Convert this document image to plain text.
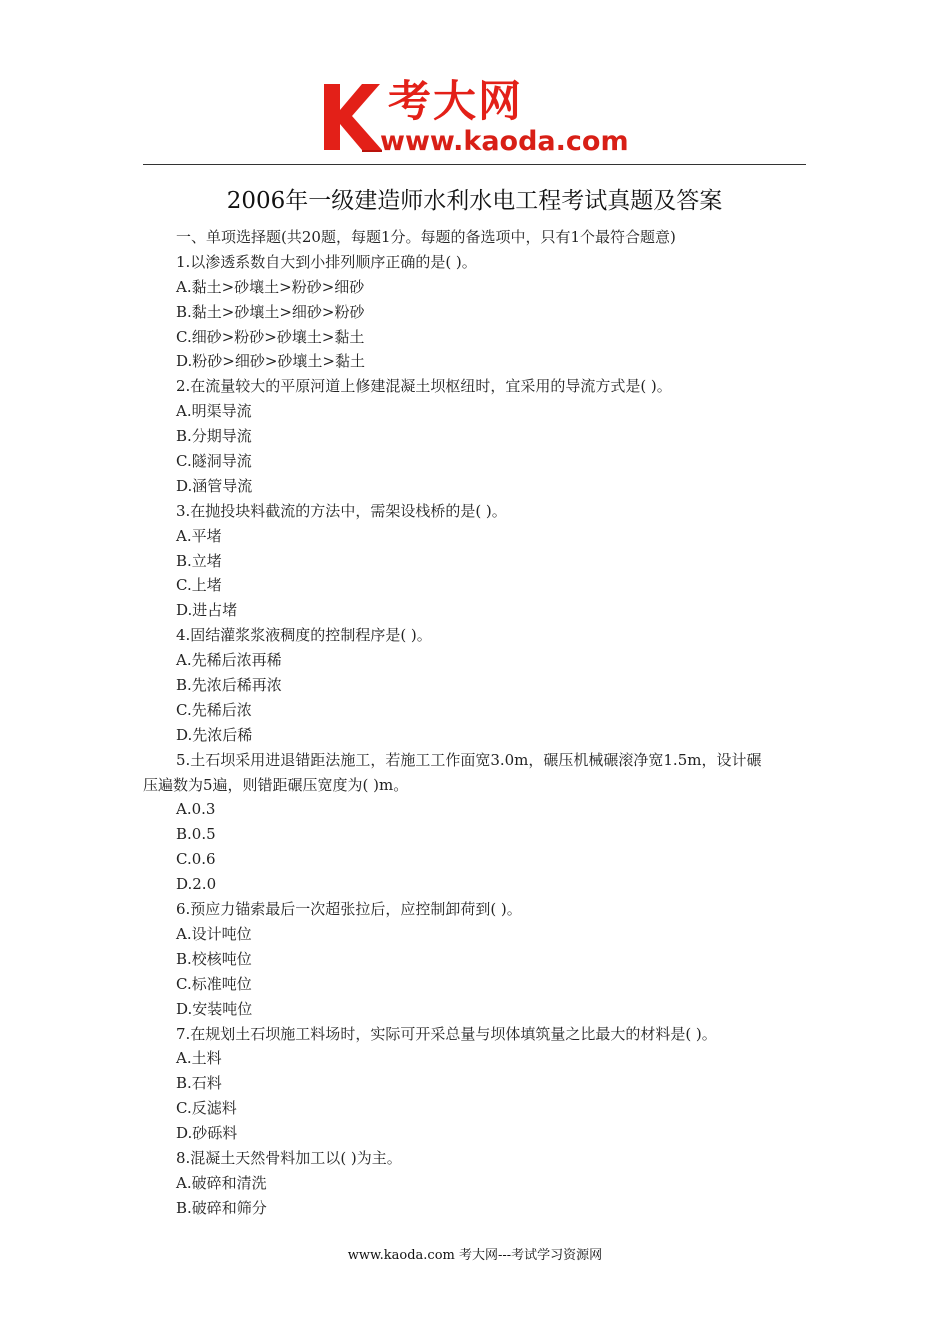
考大网
www.kaoda.com
2006年一级建造师水利水电工程考试真题及答案
一、单项选择题(共20题，每题1分。每题的备选项中，只有1个最符合题意)
1.以渗透系数自大到小排列顺序正确的是( )。
A.黏土>砂壤土>粉砂>细砂
B.黏土>砂壤土>细砂>粉砂
C.细砂>粉砂>砂壤土>黏土
D.粉砂>细砂>砂壤土>黏土
2.在流量较大的平原河道上修建混凝土坝枢纽时，宜采用的导流方式是( )。
A.明渠导流
B.分期导流
C.隧洞导流
D.涵管导流
3.在抛投块料截流的方法中，需架设栈桥的是( )。
A.平堵
B.立堵
C.上堵
D.进占堵
4.固结灌浆浆液稠度的控制程序是( )。
A.先稀后浓再稀
B.先浓后稀再浓
C.先稀后浓
D.先浓后稀
5.土石坝采用进退错距法施工，若施工工作面宽3.0m，碾压机械碾滚净宽1.5m，设计碾
压遍数为5遍，则错距碾压宽度为( )m。
A.0.3
B.0.5
C.0.6
D.2.0
6.预应力锚索最后一次超张拉后，应控制卸荷到( )。
A.设计吨位
B.校核吨位
C.标准吨位
D.安装吨位
7.在规划土石坝施工料场时，实际可开采总量与坝体填筑量之比最大的材料是( )。
A.土料
B.石料
C.反滤料
D.砂砾料
8.混凝土天然骨料加工以( )为主。
A.破碎和清洗
B.破碎和筛分
www.kaoda.com 考大网---考试学习资源网
